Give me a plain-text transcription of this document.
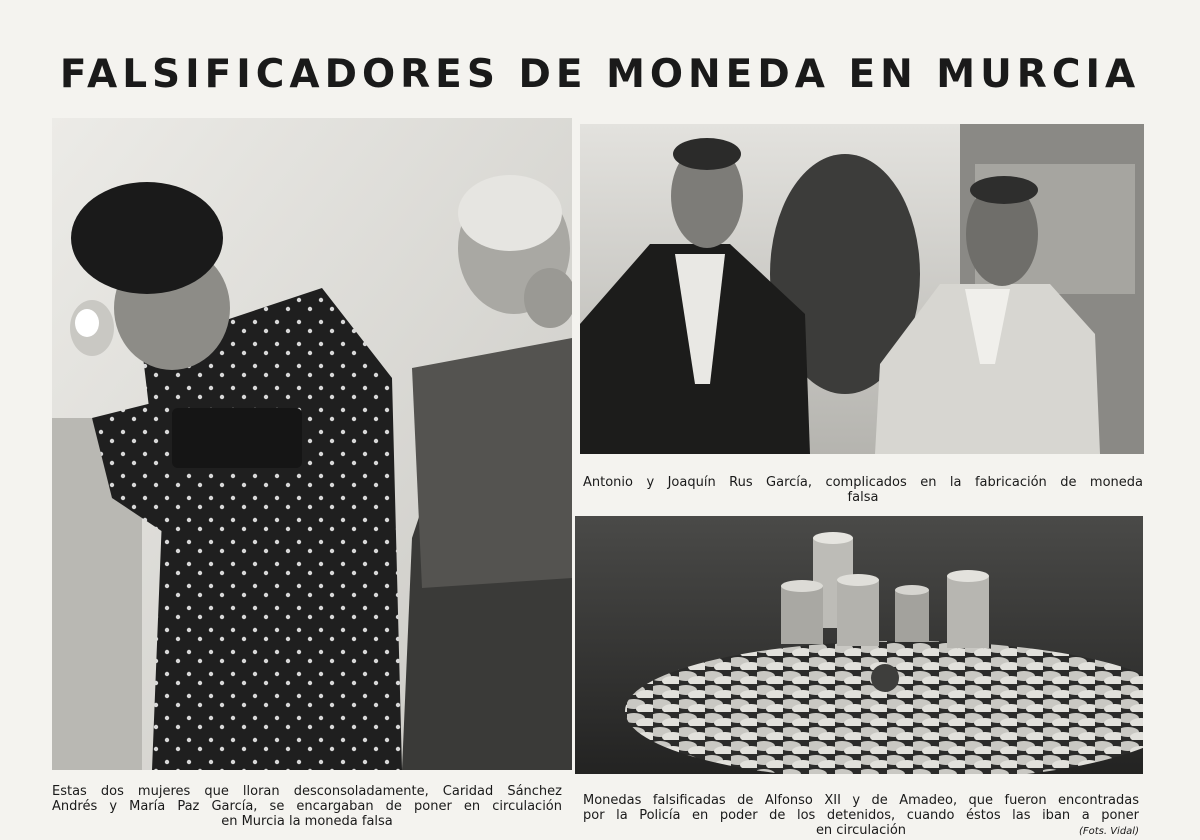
FALSIFICADORES DE MONEDA EN MURCIA
Antonio y Joaquín Rus García, complicados en la fabricación de moneda
falsa
Estas dos mujeres que lloran desconsoladamente, Caridad Sánchez
Andrés y María Paz García, se encargaban de poner en circulación
en Murcia la moneda falsa
Monedas falsificadas de Alfonso XII y de Amadeo, que fueron encontradas
por la Policía en poder de los detenidos, cuando éstos las iban a poner
en circulación	(Fots. Vidal)
